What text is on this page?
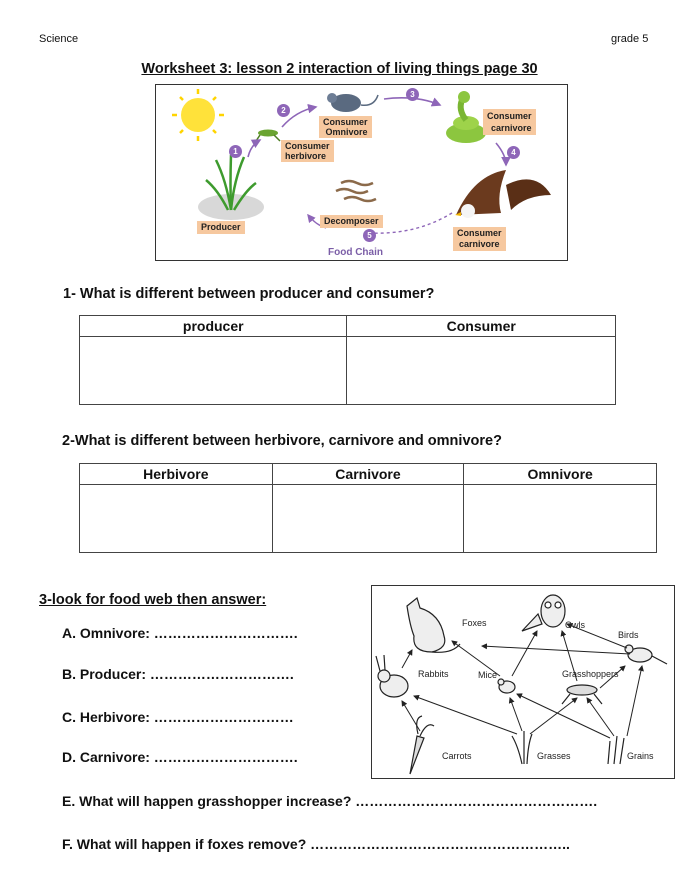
Science	grade 5
Worksheet 3: lesson 2 interaction of living things page 30
Producer
Consumer
herbivore
Consumer
Omnivore
Consumer
carnivore
Consumer
carnivore
Decomposer
1
2
3
4
5
Food Chain
1- What is different between producer and consumer?
producer	Consumer

2-What is different between herbivore, carnivore and omnivore?
Herbivore	Carnivore	Omnivore

3-look for food web then answer:
A. Omnivore: ………………………….
B. Producer: ………………………….
C. Herbivore: …………………………
D. Carnivore: ………………………….
E. What will happen grasshopper increase? …………………………………………….
F. What will happen if foxes remove? ………………………………………………..
Foxes	Owls
Birds
Rabbits	Mice	Grasshoppers
Carrots	Grasses	Grains
